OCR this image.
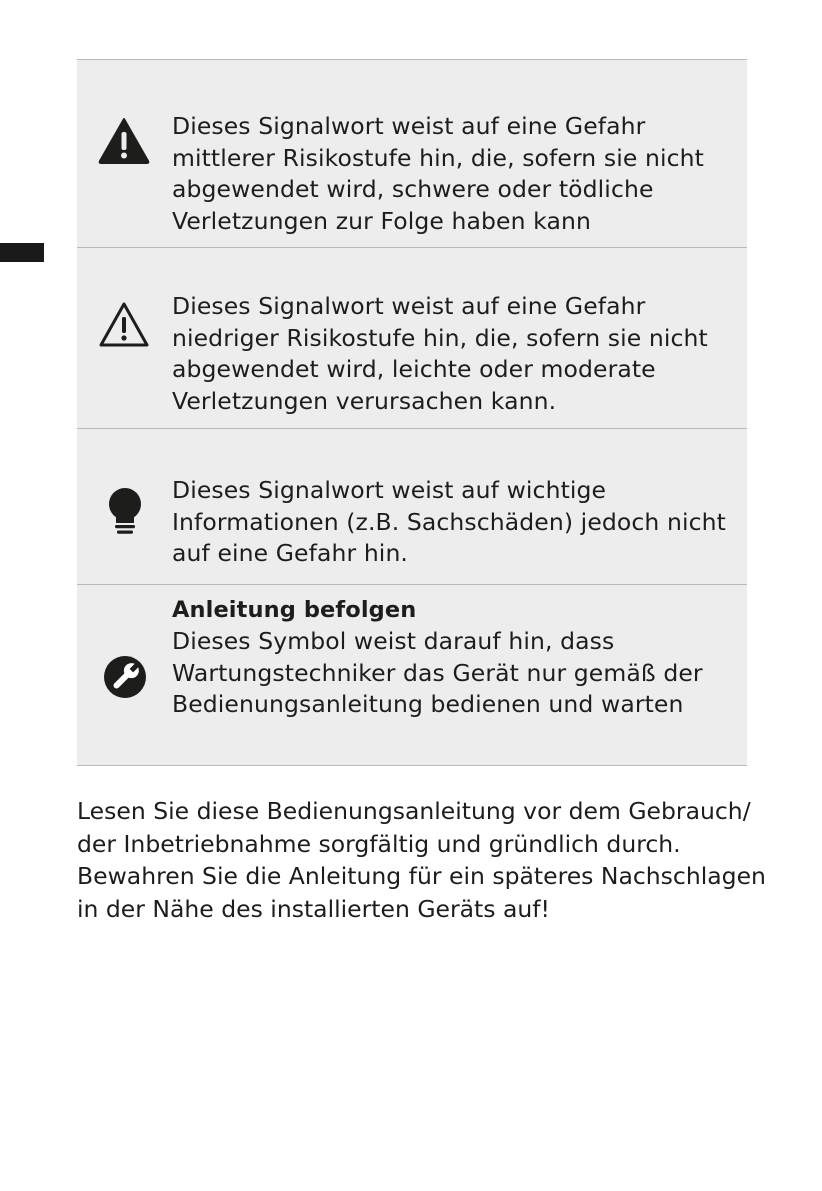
Dieses Signalwort weist auf eine Gefahr mittlerer Risikostufe hin, die, sofern sie nicht abgewendet wird, schwere oder tödliche Verletzungen zur Folge haben kann
Dieses Signalwort weist auf eine Gefahr niedriger Risikostufe hin, die, sofern sie nicht abgewendet wird, leichte oder moderate Verletzungen verursachen kann.
Dieses Signalwort weist auf wichtige Informationen (z.B. Sachschäden) jedoch nicht auf eine Gefahr hin.
Anleitung befolgen
Dieses Symbol weist darauf hin, dass Wartungstechniker das Gerät nur gemäß der Bedienungsanleitung bedienen und warten
Lesen Sie diese Bedienungsanleitung vor dem Gebrauch/ der Inbetriebnahme sorgfältig und gründlich durch. Bewahren Sie die Anleitung für ein späteres Nachschlagen in der Nähe des installierten Geräts auf!
